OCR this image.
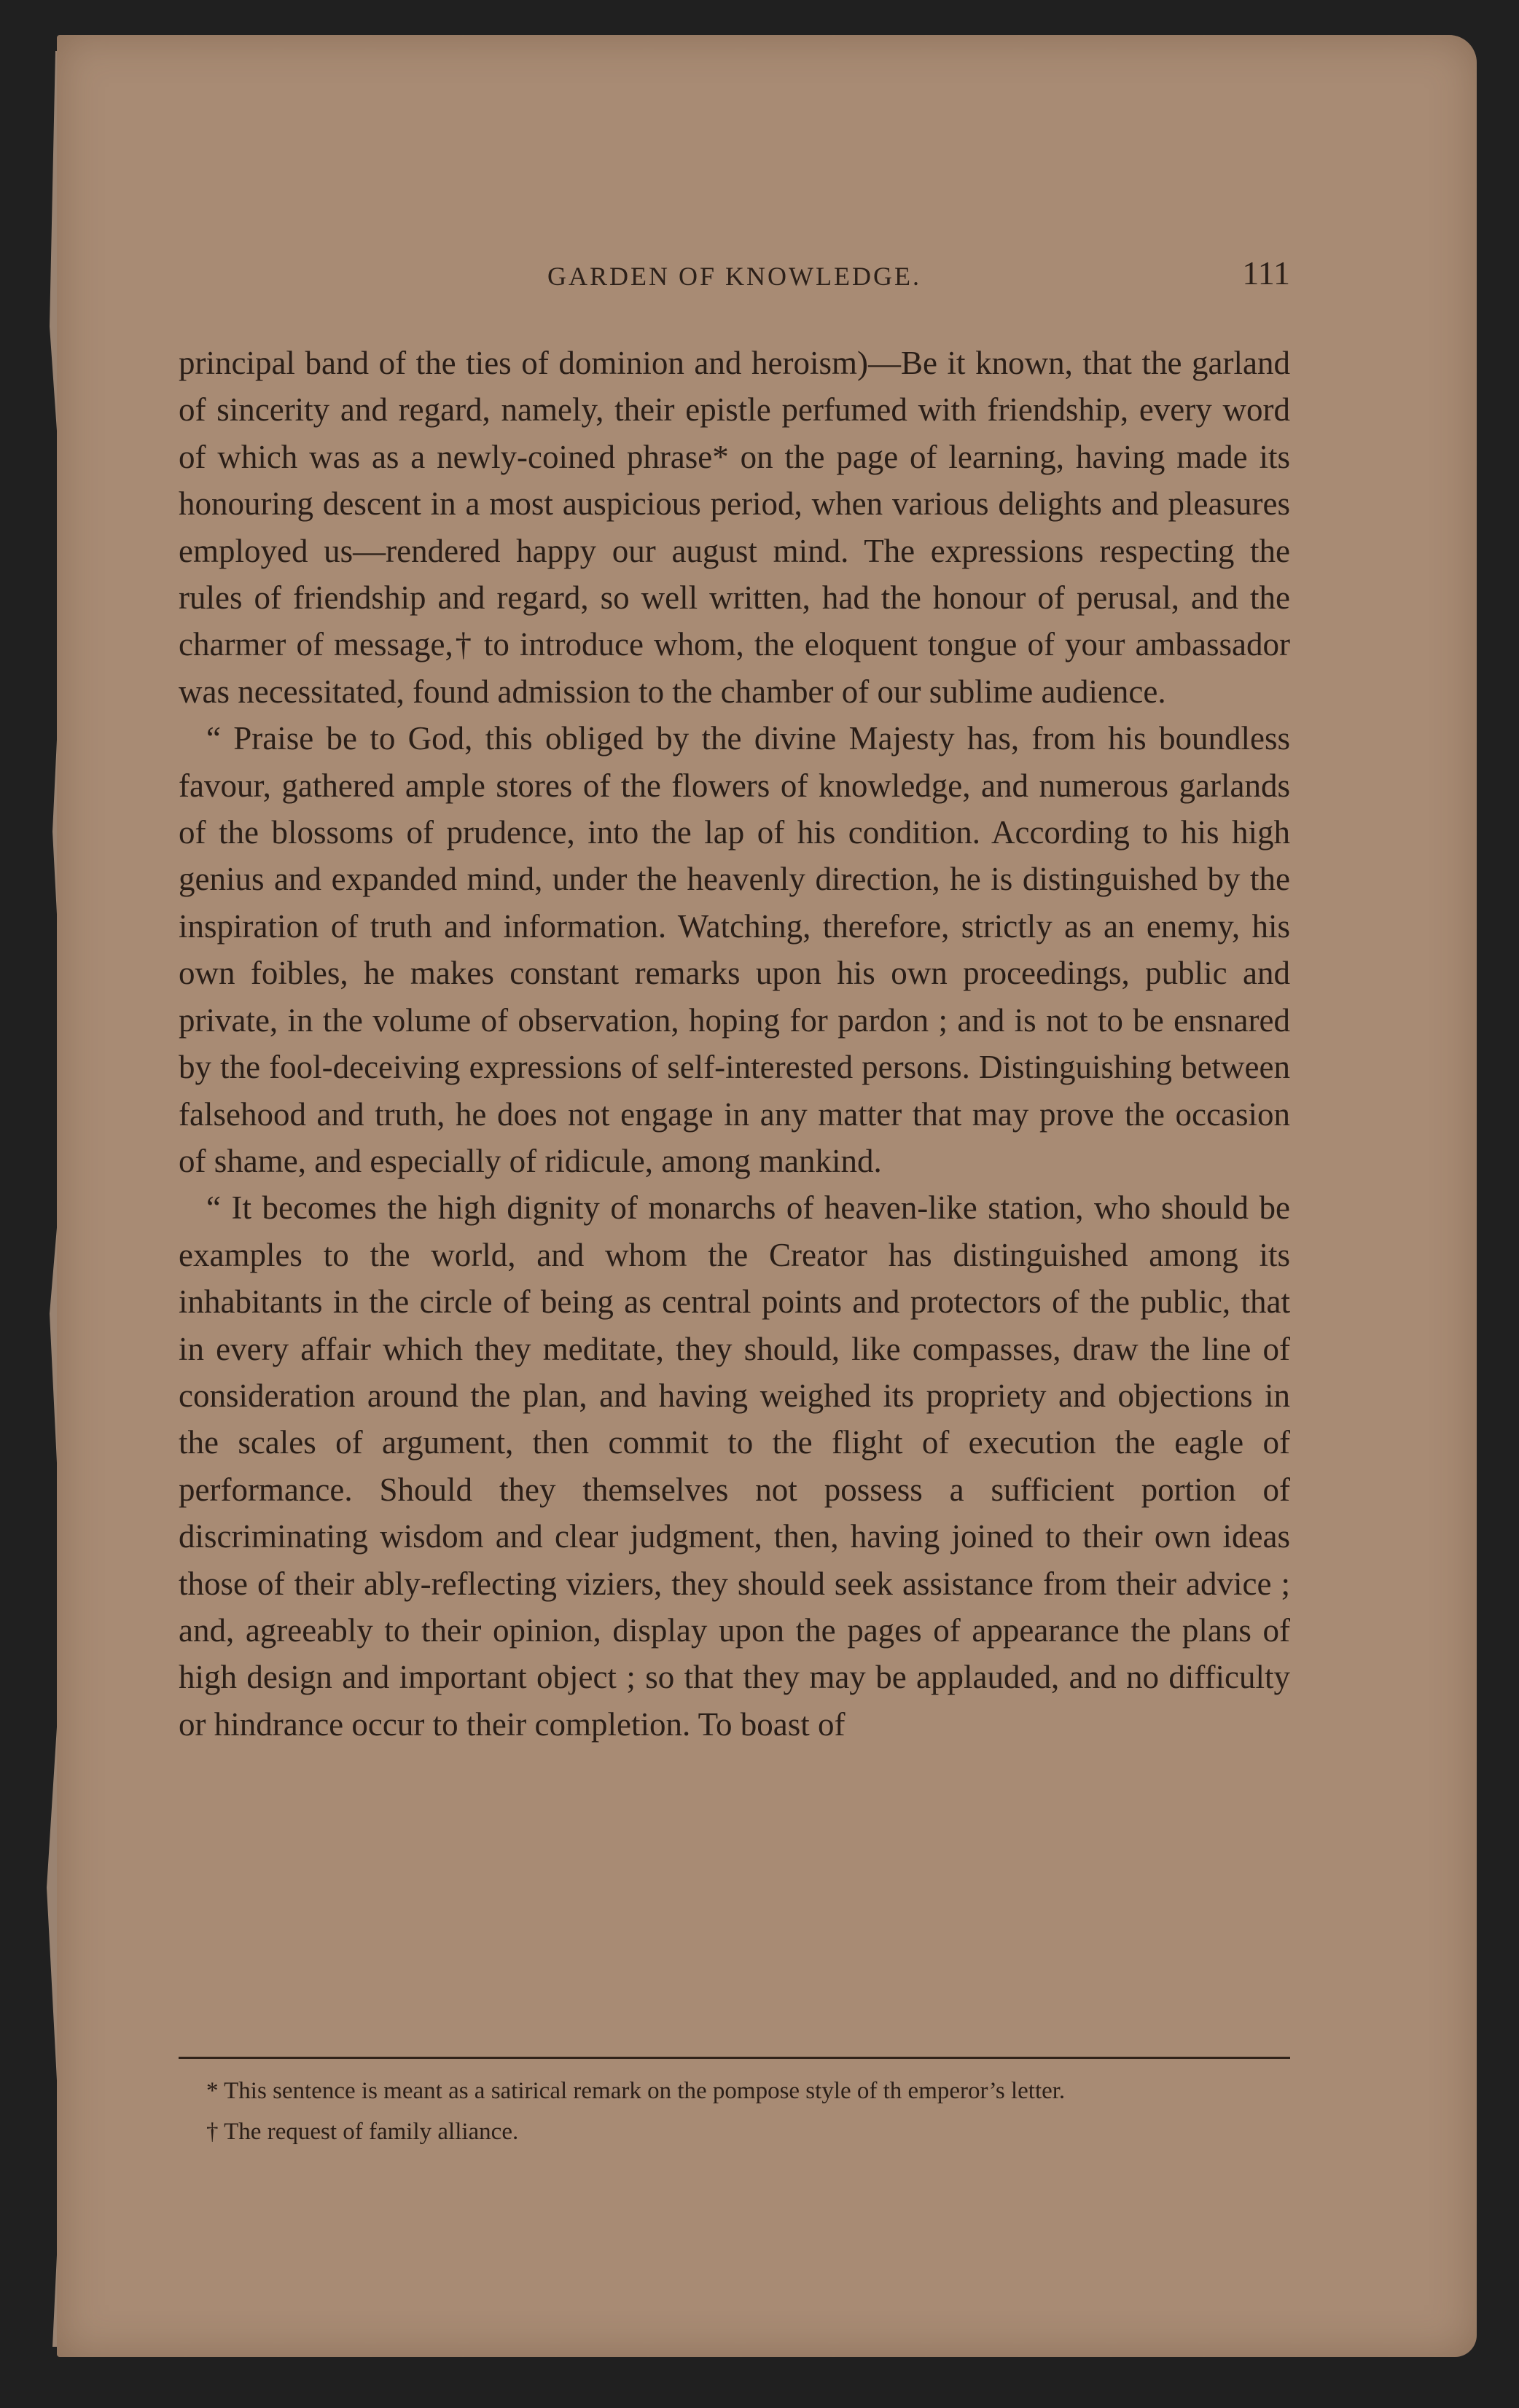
GARDEN OF KNOWLEDGE.	111

principal band of the ties of dominion and heroism)—Be it known, that the garland of sincerity and regard, namely, their epistle perfumed with friendship, every word of which was as a newly-coined phrase* on the page of learning, having made its honouring descent in a most auspicious period, when various delights and pleasures employed us—rendered happy our august mind. The expressions respecting the rules of friendship and regard, so well written, had the honour of perusal, and the charmer of message,† to introduce whom, the eloquent tongue of your ambassador was necessitated, found admission to the chamber of our sublime audience.

“ Praise be to God, this obliged by the divine Majesty has, from his boundless favour, gathered ample stores of the flowers of knowledge, and numerous garlands of the blossoms of prudence, into the lap of his condition. According to his high genius and expanded mind, under the heavenly direction, he is distinguished by the inspiration of truth and information. Watching, therefore, strictly as an enemy, his own foibles, he makes constant remarks upon his own proceedings, public and private, in the volume of observation, hoping for pardon ; and is not to be ensnared by the fool-deceiving expressions of self-interested persons. Distinguishing between falsehood and truth, he does not engage in any matter that may prove the occasion of shame, and especially of ridicule, among mankind.

“ It becomes the high dignity of monarchs of heaven-like station, who should be examples to the world, and whom the Creator has distinguished among its inhabitants in the circle of being as central points and protectors of the public, that in every affair which they meditate, they should, like compasses, draw the line of consideration around the plan, and having weighed its propriety and objections in the scales of argument, then commit to the flight of execution the eagle of performance. Should they themselves not possess a sufficient portion of discriminating wisdom and clear judgment, then, having joined to their own ideas those of their ably-reflecting viziers, they should seek assistance from their advice ; and, agreeably to their opinion, display upon the pages of appearance the plans of high design and important object ; so that they may be applauded, and no difficulty or hindrance occur to their completion. To boast of

* This sentence is meant as a satirical remark on the pompose style of th emperor’s letter.

† The request of family alliance.
